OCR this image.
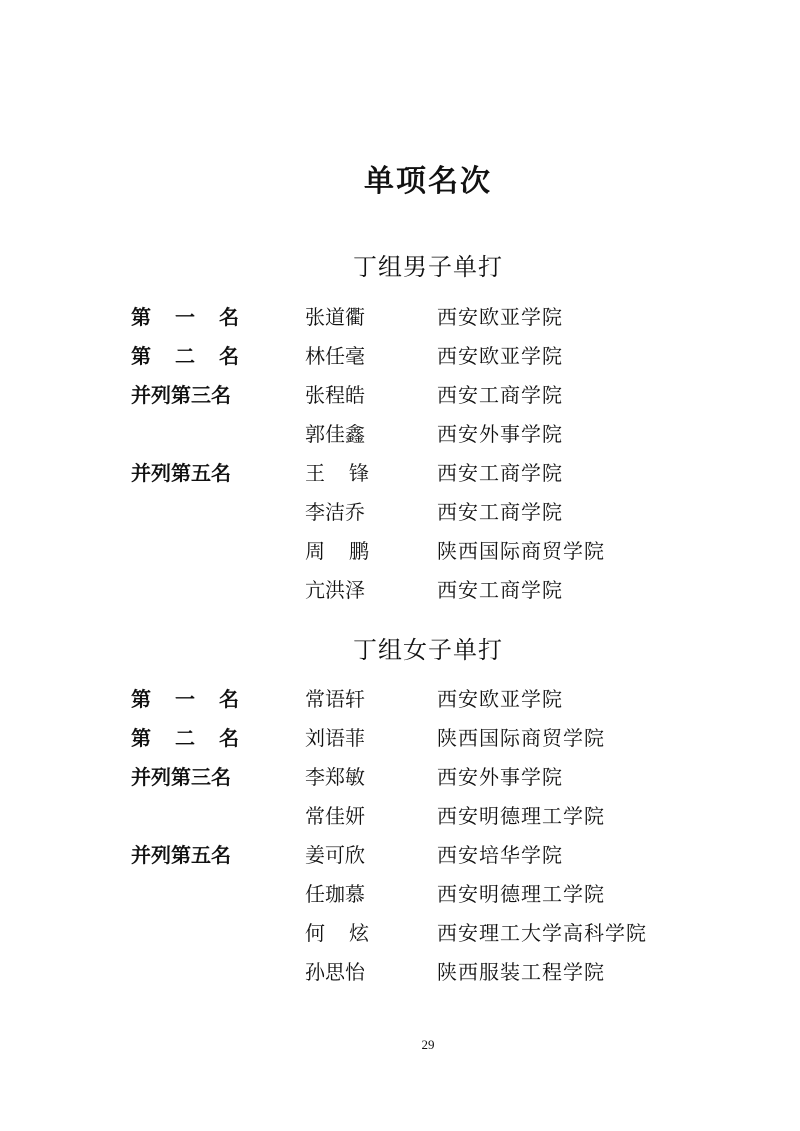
单项名次
丁组男子单打
第 一 名	张道衢	西安欧亚学院
第 二 名	林任毫	西安欧亚学院
并列第三名	张程皓	西安工商学院
郭佳鑫	西安外事学院
并列第五名	王 锋	西安工商学院
李洁乔	西安工商学院
周 鹏	陕西国际商贸学院
亢洪泽	西安工商学院
丁组女子单打
第 一 名	常语轩	西安欧亚学院
第 二 名	刘语菲	陕西国际商贸学院
并列第三名	李郑敏	西安外事学院
常佳妍	西安明德理工学院
并列第五名	姜可欣	西安培华学院
任珈慕	西安明德理工学院
何 炫	西安理工大学高科学院
孙思怡	陕西服装工程学院
29
